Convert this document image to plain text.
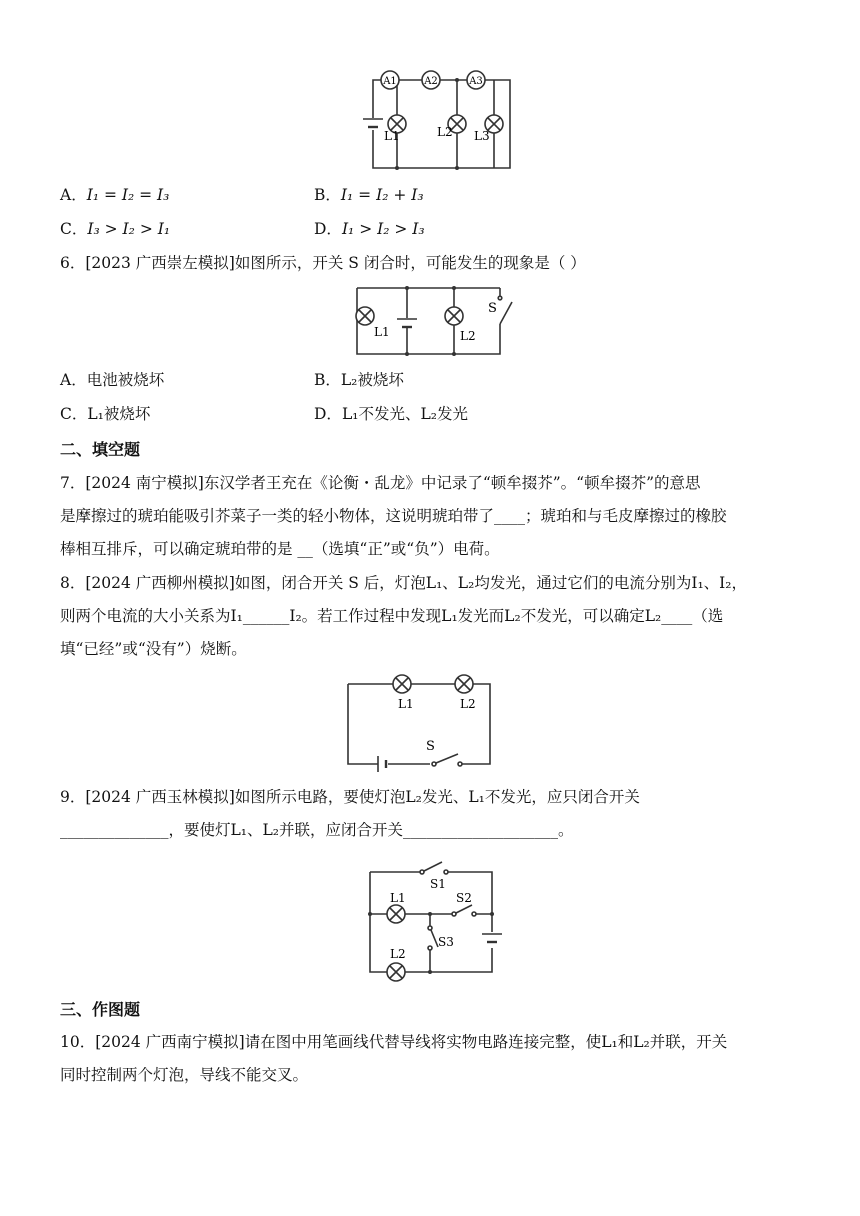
A1	A2	A3
L1	L2 L3
A．I₁ = I₂ = I₃	B．I₁ = I₂ + I₃
C．I₃ > I₂ > I₁	D．I₁ > I₂ > I₃
6．[2023 广西崇左模拟]如图所示，开关 S 闭合时，可能发生的现象是（ ）
L1	L2
S
A．电池被烧坏	B．L₂被烧坏
C．L₁被烧坏	D．L₁不发光、L₂发光
二、填空题
7．[2024 南宁模拟]东汉学者王充在《论衡・乱龙》中记录了“顿牟掇芥”。“顿牟掇芥”的意思
是摩擦过的琥珀能吸引芥菜子一类的轻小物体，这说明琥珀带了____；琥珀和与毛皮摩擦过的橡胶
棒相互排斥，可以确定琥珀带的是 __（选填“正”或“负”）电荷。
8．[2024 广西柳州模拟]如图，闭合开关 S 后，灯泡L₁、L₂均发光，通过它们的电流分别为I₁、I₂，
则两个电流的大小关系为I₁______I₂。若工作过程中发现L₁发光而L₂不发光，可以确定L₂____（选
填“已经”或“没有”）烧断。
L1	L2
S
9．[2024 广西玉林模拟]如图所示电路，要使灯泡L₂发光、L₁不发光，应只闭合开关
______________，要使灯L₁、L₂并联，应闭合开关____________________。
S1
S2
S3
L1
L2
三、作图题
10．[2024 广西南宁模拟]请在图中用笔画线代替导线将实物电路连接完整，使L₁和L₂并联，开关
同时控制两个灯泡，导线不能交叉。
